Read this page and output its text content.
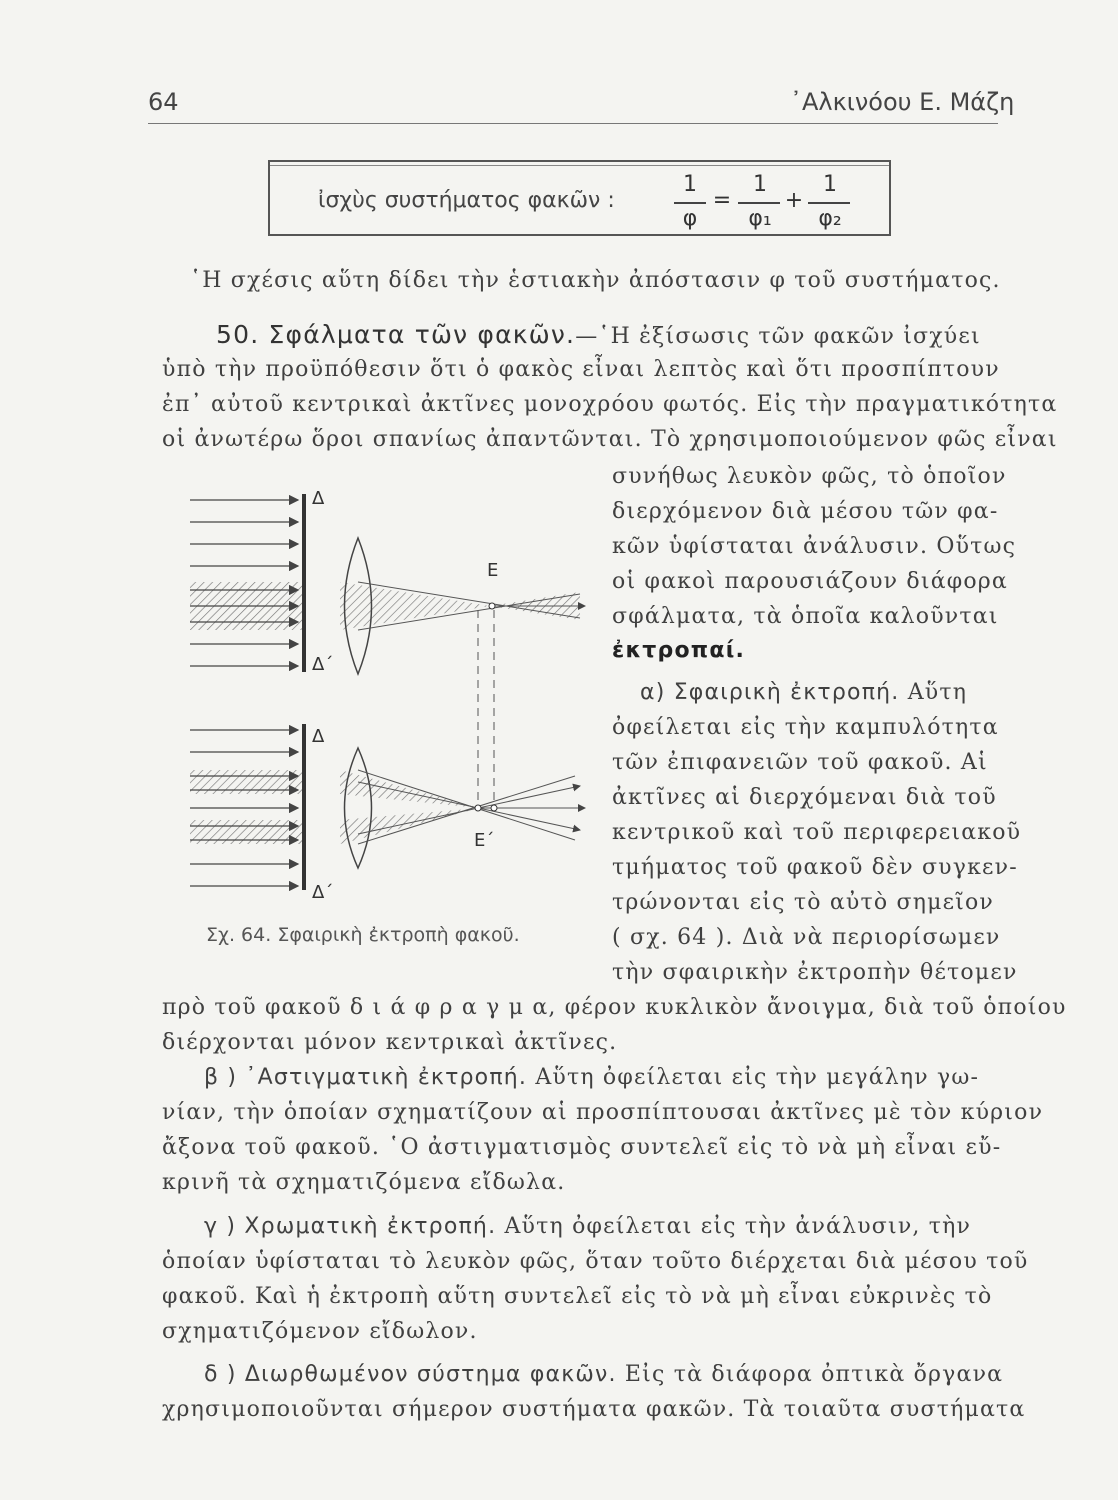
64	᾽Αλκινόου Ε. Μάζη
ἰσχὺς συστήματος φακῶν :
1
φ
=
1
φ₁
+
1
φ₂
῾Η σχέσις αὕτη δίδει τὴν ἑστιακὴν ἀπόστασιν φ τοῦ συστήματος.
50. Σφάλματα τῶν φακῶν.—῾Η ἐξίσωσις τῶν φακῶν ἰσχύει
ὑπὸ τὴν προϋπόθεσιν ὅτι ὁ φακὸς εἶναι λεπτὸς καὶ ὅτι προσπίπτουν
ἐπ᾽ αὐτοῦ κεντρικαὶ ἀκτῖνες μονοχρόου φωτός. Εἰς τὴν πραγματικότητα
οἱ ἀνωτέρω ὅροι σπανίως ἀπαντῶνται. Τὸ χρησιμοποιούμενον φῶς εἶναι
συνήθως λευκὸν φῶς, τὸ ὁποῖον
διερχόμενον διὰ μέσου τῶν φα-
κῶν ὑφίσταται ἀνάλυσιν. Οὕτως
οἱ φακοὶ παρουσιάζουν διάφορα
σφάλματα, τὰ ὁποῖα καλοῦνται
ἐκτροπαί.
α) Σφαιρικὴ ἐκτροπή. Αὕτη
ὀφείλεται εἰς τὴν καμπυλότητα
τῶν ἐπιφανειῶν τοῦ φακοῦ. Αἱ
ἀκτῖνες αἱ διερχόμεναι διὰ τοῦ
κεντρικοῦ καὶ τοῦ περιφερειακοῦ
τμήματος τοῦ φακοῦ δὲν συγκεν-
τρώνονται εἰς τὸ αὐτὸ σημεῖον
( σχ. 64 ). Διὰ νὰ περιορίσωμεν
τὴν σφαιρικὴν ἐκτροπὴν θέτομεν
πρὸ τοῦ φακοῦ δ ι ά φ ρ α γ μ α, φέρον κυκλικὸν ἄνοιγμα, διὰ τοῦ ὁποίου
διέρχονται μόνον κεντρικαὶ ἀκτῖνες.
Δ
Δ΄
Ε
Δ
Δ΄
Ε΄
Σχ. 64. Σφαιρικὴ ἐκτροπὴ φακοῦ.
β ) ᾽Αστιγματικὴ ἐκτροπή. Αὕτη ὀφείλεται εἰς τὴν μεγάλην γω-
νίαν, τὴν ὁποίαν σχηματίζουν αἱ προσπίπτουσαι ἀκτῖνες μὲ τὸν κύριον
ἄξονα τοῦ φακοῦ. ῾Ο ἀστιγματισμὸς συντελεῖ εἰς τὸ νὰ μὴ εἶναι εὔ-
κρινῆ τὰ σχηματιζόμενα εἴδωλα.
γ ) Χρωματικὴ ἐκτροπή. Αὕτη ὀφείλεται εἰς τὴν ἀνάλυσιν, τὴν
ὁποίαν ὑφίσταται τὸ λευκὸν φῶς, ὅταν τοῦτο διέρχεται διὰ μέσου τοῦ
φακοῦ. Καὶ ἡ ἐκτροπὴ αὕτη συντελεῖ εἰς τὸ νὰ μὴ εἶναι εὐκρινὲς τὸ
σχηματιζόμενον εἴδωλον.
δ ) Διωρθωμένον σύστημα φακῶν. Εἰς τὰ διάφορα ὀπτικὰ ὄργανα
χρησιμοποιοῦνται σήμερον συστήματα φακῶν. Τὰ τοιαῦτα συστήματα
